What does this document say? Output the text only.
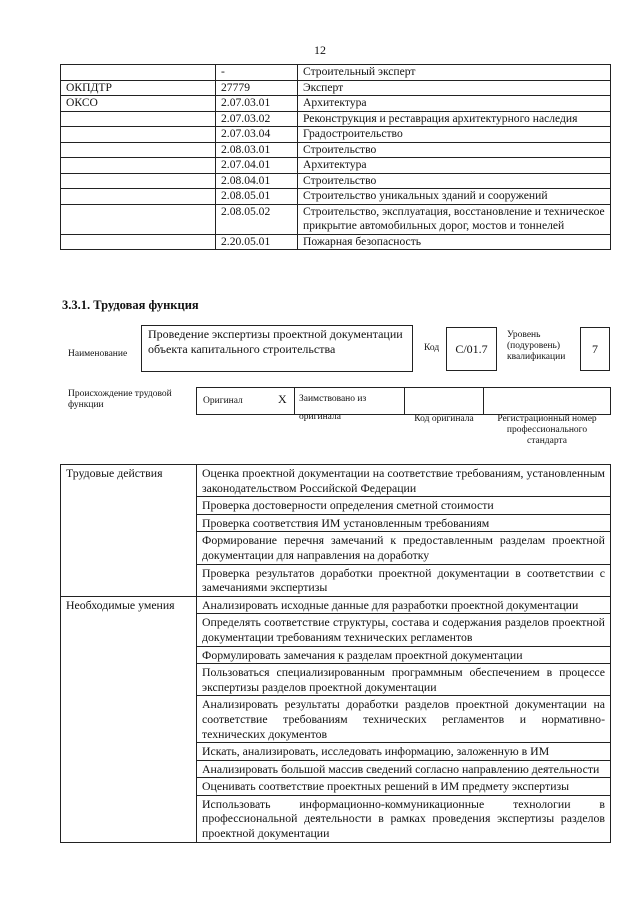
12
	-	Строительный эксперт
ОКПДТР	27779	Эксперт
ОКСО	2.07.03.01	Архитектура
	2.07.03.02	Реконструкция и реставрация архитектурного наследия
	2.07.03.04	Градостроительство
	2.08.03.01	Строительство
	2.07.04.01	Архитектура
	2.08.04.01	Строительство
	2.08.05.01	Строительство уникальных зданий и сооружений
	2.08.05.02	Строительство, эксплуатация, восстановление и техническое прикрытие автомобильных дорог, мостов и тоннелей
	2.20.05.01	Пожарная безопасность
3.3.1. Трудовая функция
Наименование
Проведение экспертизы проектной документации объекта капитального строительства	Код С/01.7
Уровень (подуровень) квалификации
7
Происхождение трудовой функции	Оригинал	X	Заимствовано из оригинала	Код оригинала	Регистрационный номер профессионального стандарта
Трудовые действия	Оценка проектной документации на соответствие требованиям, установленным законодательством Российской Федерации
	Проверка достоверности определения сметной стоимости
	Проверка соответствия ИМ установленным требованиям
	Формирование перечня замечаний к предоставленным разделам проектной документации для направления на доработку
	Проверка результатов доработки проектной документации в соответствии с замечаниями экспертизы
Необходимые умения	Анализировать исходные данные для разработки проектной документации
	Определять соответствие структуры, состава и содержания разделов проектной документации требованиям технических регламентов
	Формулировать замечания к разделам проектной документации
	Пользоваться специализированным программным обеспечением в процессе экспертизы разделов проектной документации
	Анализировать результаты доработки разделов проектной документации на соответствие требованиям технических регламентов и нормативно-технических документов
	Искать, анализировать, исследовать информацию, заложенную в ИМ
	Анализировать большой массив сведений согласно направлению деятельности
	Оценивать соответствие проектных решений в ИМ предмету экспертизы
	Использовать информационно-коммуникационные технологии в профессиональной деятельности в рамках проведения экспертизы разделов проектной документации
